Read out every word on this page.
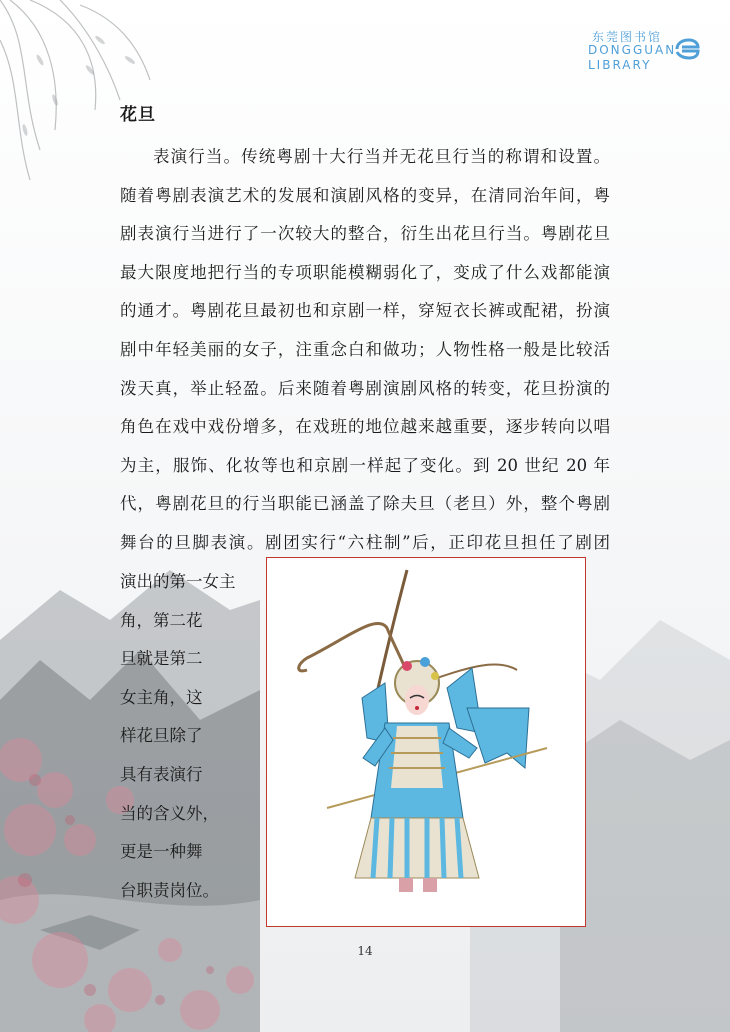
东莞图书馆
DONGGUAN
LIBRARY
花旦
表演行当。传统粤剧十大行当并无花旦行当的称谓和设置。
随着粤剧表演艺术的发展和演剧风格的变异，在清同治年间，粤
剧表演行当进行了一次较大的整合，衍生出花旦行当。粤剧花旦
最大限度地把行当的专项职能模糊弱化了，变成了什么戏都能演
的通才。粤剧花旦最初也和京剧一样，穿短衣长裤或配裙，扮演
剧中年轻美丽的女子，注重念白和做功；人物性格一般是比较活
泼天真，举止轻盈。后来随着粤剧演剧风格的转变，花旦扮演的
角色在戏中戏份增多，在戏班的地位越来越重要，逐步转向以唱
为主，服饰、化妆等也和京剧一样起了变化。到 20 世纪 20 年
代，粤剧花旦的行当职能已涵盖了除夫旦（老旦）外，整个粤剧
舞台的旦脚表演。剧团实行“六柱制”后，正印花旦担任了剧团
演出的第一女主
角，第二花
旦就是第二
女主角，这
样花旦除了
具有表演行
当的含义外，
更是一种舞
台职责岗位。
14
